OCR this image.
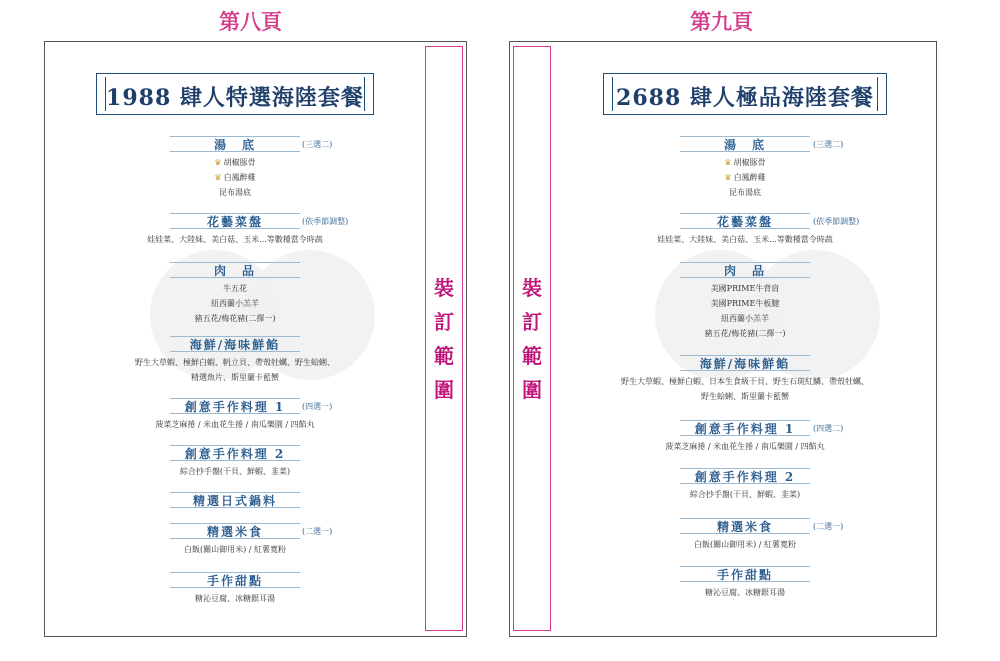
第八頁	第九頁
裝
訂
範
圍
裝
訂
範
圍
1988 肆人特選海陸套餐	2688 肆人極品海陸套餐
湯　底	(三選二)
♛ 胡椒豚骨
♛ 白鳳醉雞
昆布湯底
花藝菜盤	(依季節調整)
娃娃菜、大陸妹、美白菇、玉米...等數種當令時蔬
肉　品
牛五花
紐西蘭小羔羊
豬五花/梅花豬(二擇一)
海鮮/海味鮮餡
野生大草蝦、極鮮白蝦、帆立貝、帶殼牡蠣、野生蛤蜊、
精選魚片、斯里蘭卡藍蟹
創意手作料理 1	(四選一)
菠菜芝麻捲 / 米血花生捲 / 南瓜樂園 / 四餡丸
創意手作料理 2
綜合抄手盤(干貝、鮮蝦、韭菜)
精選日式鍋料
精選米食	(二選一)
白飯(關山御用米) / 紅薯寬粉
手作甜點
糖沁豆腐、冰糖銀耳湯
湯　底	(三選二)
♛ 胡椒豚骨
♛ 白鳳醉雞
昆布湯底
花藝菜盤	(依季節調整)
娃娃菜、大陸妹、美白菇、玉米...等數種當令時蔬
肉　品
美國PRIME牛背肩
美國PRIME牛板腱
紐西蘭小羔羊
豬五花/梅花豬(二擇一)
海鮮/海味鮮餡
野生大草蝦、極鮮白蝦、日本生食級干貝、野生石斑紅鱗、帶殼牡蠣、
野生蛤蜊、斯里蘭卡藍蟹
創意手作料理 1	(四選二)
菠菜芝麻捲 / 米血花生捲 / 南瓜樂園 / 四餡丸
創意手作料理 2
綜合抄手盤(干貝、鮮蝦、韭菜)
精選米食	(二選一)
白飯(關山御用米) / 紅薯寬粉
手作甜點
糖沁豆腐、冰糖銀耳湯
